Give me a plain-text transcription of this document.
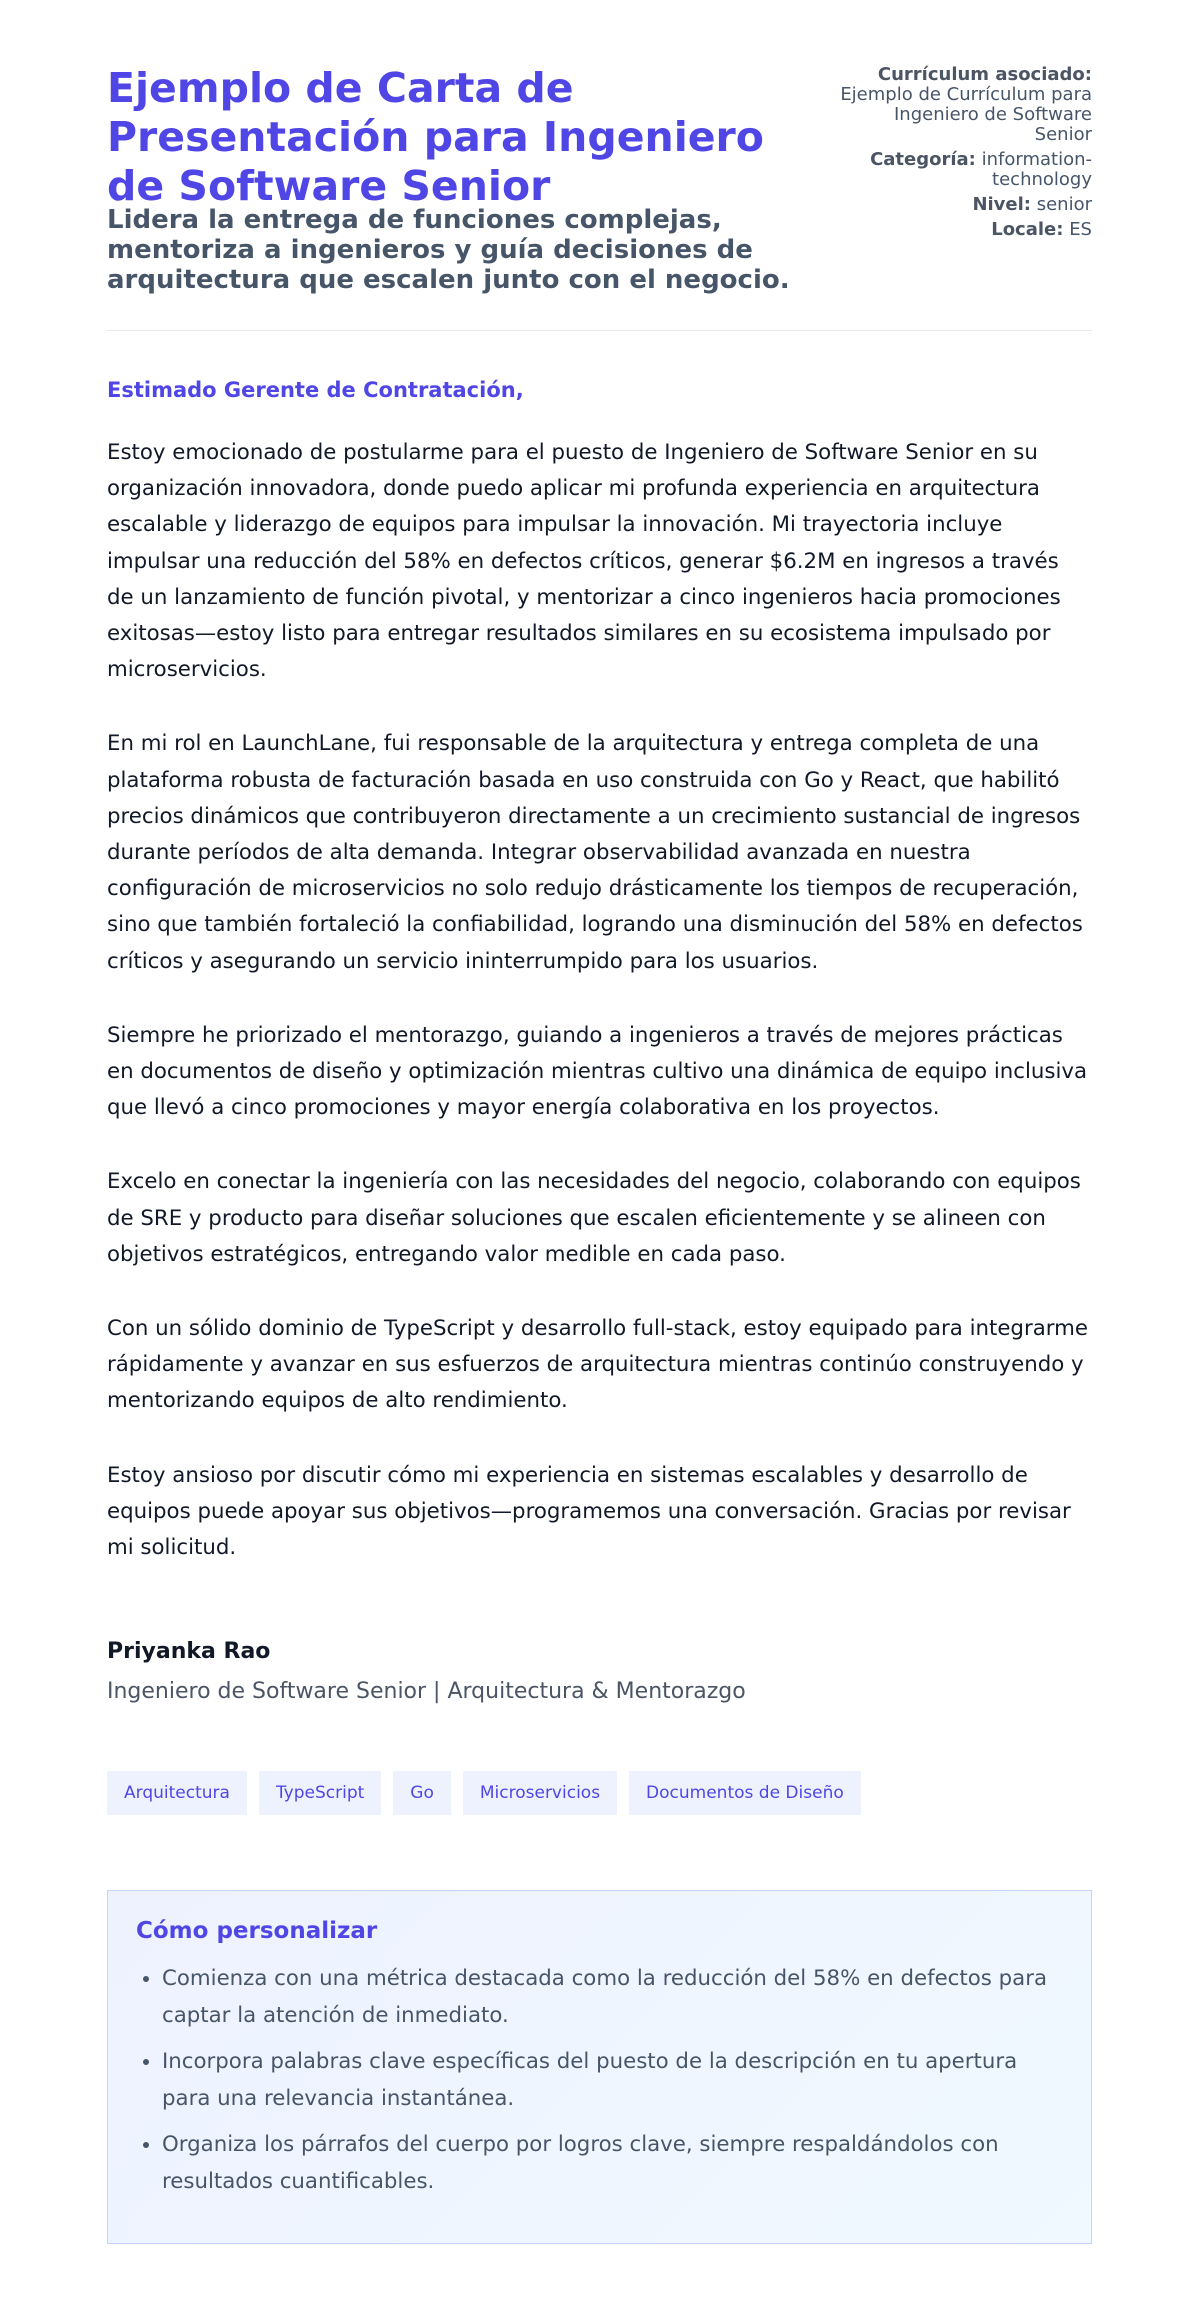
Ejemplo de Carta de Presentación para Ingeniero de Software Senior
Lidera la entrega de funciones complejas, mentoriza a ingenieros y guía decisiones de arquitectura que escalen junto con el negocio.
Currículum asociado: Ejemplo de Currículum para Ingeniero de Software Senior
Categoría: information-technology
Nivel: senior
Locale: ES
Estimado Gerente de Contratación,

Estoy emocionado de postularme para el puesto de Ingeniero de Software Senior en su organización innovadora, donde puedo aplicar mi profunda experiencia en arquitectura escalable y liderazgo de equipos para impulsar la innovación. Mi trayectoria incluye impulsar una reducción del 58% en defectos críticos, generar $6.2M en ingresos a través de un lanzamiento de función pivotal, y mentorizar a cinco ingenieros hacia promociones exitosas—estoy listo para entregar resultados similares en su ecosistema impulsado por microservicios.

En mi rol en LaunchLane, fui responsable de la arquitectura y entrega completa de una plataforma robusta de facturación basada en uso construida con Go y React, que habilitó precios dinámicos que contribuyeron directamente a un crecimiento sustancial de ingresos durante períodos de alta demanda. Integrar observabilidad avanzada en nuestra configuración de microservicios no solo redujo drásticamente los tiempos de recuperación, sino que también fortaleció la confiabilidad, logrando una disminución del 58% en defectos críticos y asegurando un servicio ininterrumpido para los usuarios.

Siempre he priorizado el mentorazgo, guiando a ingenieros a través de mejores prácticas en documentos de diseño y optimización mientras cultivo una dinámica de equipo inclusiva que llevó a cinco promociones y mayor energía colaborativa en los proyectos.

Excelo en conectar la ingeniería con las necesidades del negocio, colaborando con equipos de SRE y producto para diseñar soluciones que escalen eficientemente y se alineen con objetivos estratégicos, entregando valor medible en cada paso.

Con un sólido dominio de TypeScript y desarrollo full-stack, estoy equipado para integrarme rápidamente y avanzar en sus esfuerzos de arquitectura mientras continúo construyendo y mentorizando equipos de alto rendimiento.

Estoy ansioso por discutir cómo mi experiencia en sistemas escalables y desarrollo de equipos puede apoyar sus objetivos—programemos una conversación. Gracias por revisar mi solicitud.

Priyanka Rao

Ingeniero de Software Senior | Arquitectura & Mentorazgo

Arquitectura	TypeScript	Go	Microservicios	Documentos de Diseño
Cómo personalizar
• Comienza con una métrica destacada como la reducción del 58% en defectos para captar la atención de inmediato.
• Incorpora palabras clave específicas del puesto de la descripción en tu apertura para una relevancia instantánea.
• Organiza los párrafos del cuerpo por logros clave, siempre respaldándolos con resultados cuantificables.
